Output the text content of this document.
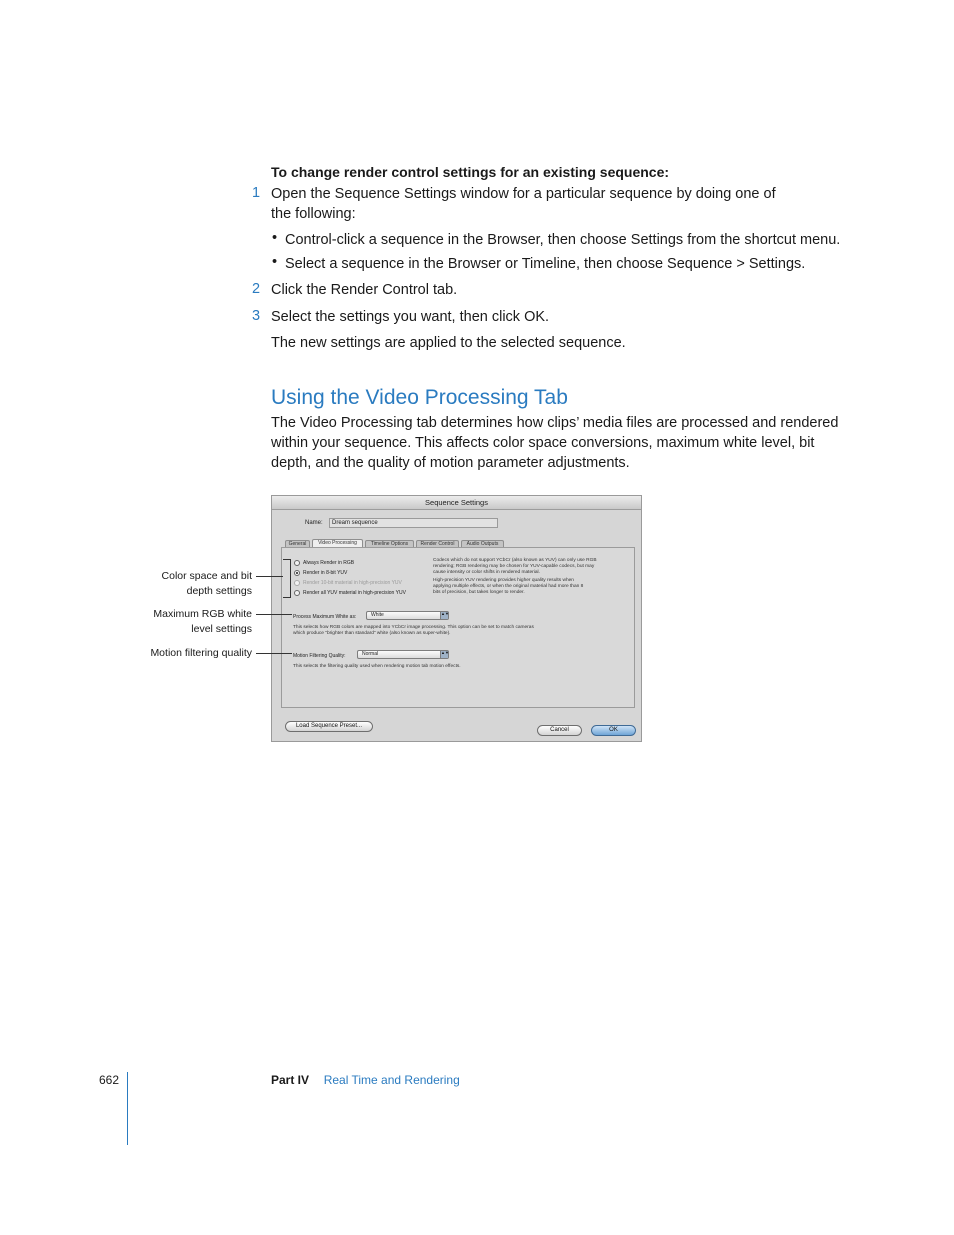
To change render control settings for an existing sequence:
1 Open the Sequence Settings window for a particular sequence by doing one of
the following:
• Control-click a sequence in the Browser, then choose Settings from the shortcut menu.
• Select a sequence in the Browser or Timeline, then choose Sequence > Settings.
2 Click the Render Control tab.
3 Select the settings you want, then click OK.
The new settings are applied to the selected sequence.
Using the Video Processing Tab
The Video Processing tab determines how clips’ media files are processed and rendered
within your sequence. This affects color space conversions, maximum white level, bit
depth, and the quality of motion parameter adjustments.
Sequence Settings
Name:	Dream sequence
General	Video Processing	Timeline Options	Render Control	Audio Outputs
Always Render in RGB
Render in 8-bit YUV
Render 10-bit material in high-precision YUV
Render all YUV material in high-precision YUV
Codecs which do not support YCbCr (also known as YUV) can only use RGB
rendering; RGB rendering may be chosen for YUV-capable codecs, but may
cause intensity or color shifts in rendered material.
High-precision YUV rendering provides higher quality results when
applying multiple effects, or when the original material had more than 8
bits of precision, but takes longer to render.
Process Maximum White as:	White	▲▼
This selects how RGB colors are mapped into YCbCr image processing. This option can be set to match cameras
which produce "brighter than standard" white (also known as super-white).
Motion Filtering Quality:	Normal	▲▼
This selects the filtering quality used when rendering motion tab motion effects.
Load Sequence Preset...
Cancel	OK
Color space and bit
depth settings
Maximum RGB white
level settings
Motion filtering quality
662	Part IV Real Time and Rendering
